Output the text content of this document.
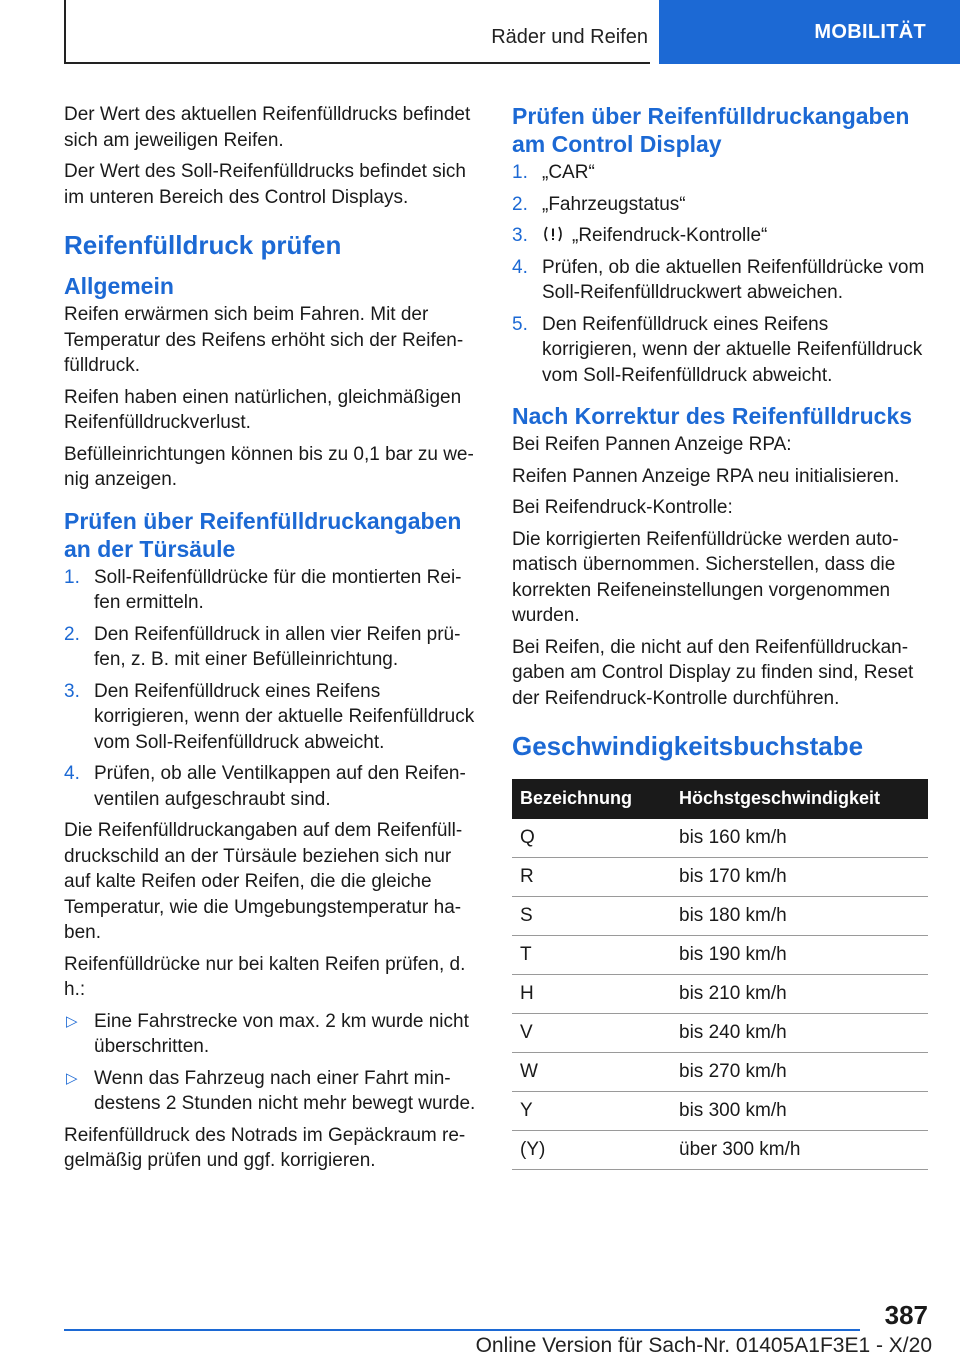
Räder und Reifen	MOBILITÄT

Der Wert des aktuellen Reifenfülldrucks befindet sich am jeweiligen Reifen.

Der Wert des Soll-Reifenfülldrucks befindet sich im unteren Bereich des Control Displays.

Reifenfülldruck prüfen
Allgemein

Reifen erwärmen sich beim Fahren. Mit der Temperatur des Reifens erhöht sich der Reifen-fülldruck.

Reifen haben einen natürlichen, gleichmäßigen Reifenfülldruckverlust.

Befülleinrichtungen können bis zu 0,1 bar zu we-nig anzeigen.

Prüfen über Reifenfülldruckangaben an der Türsäule
1. Soll-Reifenfülldrücke für die montierten Rei-fen ermitteln.
2. Den Reifenfülldruck in allen vier Reifen prü-fen, z. B. mit einer Befülleinrichtung.
3. Den Reifenfülldruck eines Reifens korrigieren, wenn der aktuelle Reifenfülldruck vom Soll-Reifenfülldruck abweicht.
4. Prüfen, ob alle Ventilkappen auf den Reifen-ventilen aufgeschraubt sind.

Die Reifenfülldruckangaben auf dem Reifenfüll-druckschild an der Türsäule beziehen sich nur auf kalte Reifen oder Reifen, die die gleiche Temperatur, wie die Umgebungstemperatur ha-ben.

Reifenfülldrücke nur bei kalten Reifen prüfen, d. h.:

▷ Eine Fahrstrecke von max. 2 km wurde nicht überschritten.
▷ Wenn das Fahrzeug nach einer Fahrt min-destens 2 Stunden nicht mehr bewegt wurde.

Reifenfülldruck des Notrads im Gepäckraum re-gelmäßig prüfen und ggf. korrigieren.

Prüfen über Reifenfülldruckangaben am Control Display
1. „CAR“
2. „Fahrzeugstatus“
3. „Reifendruck-Kontrolle“
4. Prüfen, ob die aktuellen Reifenfülldrücke vom Soll-Reifenfülldruckwert abweichen.
5. Den Reifenfülldruck eines Reifens korrigieren, wenn der aktuelle Reifenfülldruck vom Soll-Reifenfülldruck abweicht.
Nach Korrektur des Reifenfülldrucks

Bei Reifen Pannen Anzeige RPA:

Reifen Pannen Anzeige RPA neu initialisieren.

Bei Reifendruck-Kontrolle:

Die korrigierten Reifenfülldrücke werden auto-matisch übernommen. Sicherstellen, dass die korrekten Reifeneinstellungen vorgenommen wurden.

Bei Reifen, die nicht auf den Reifenfülldruckan-gaben am Control Display zu finden sind, Reset der Reifendruck-Kontrolle durchführen.

Geschwindigkeitsbuchstabe
Bezeichnung	Höchstgeschwindigkeit
Q	bis 160 km/h
R	bis 170 km/h
S	bis 180 km/h
T	bis 190 km/h
H	bis 210 km/h
V	bis 240 km/h
W	bis 270 km/h
Y	bis 300 km/h
(Y)	über 300 km/h
387
Online Version für Sach-Nr. 01405A1F3E1 - X/20
